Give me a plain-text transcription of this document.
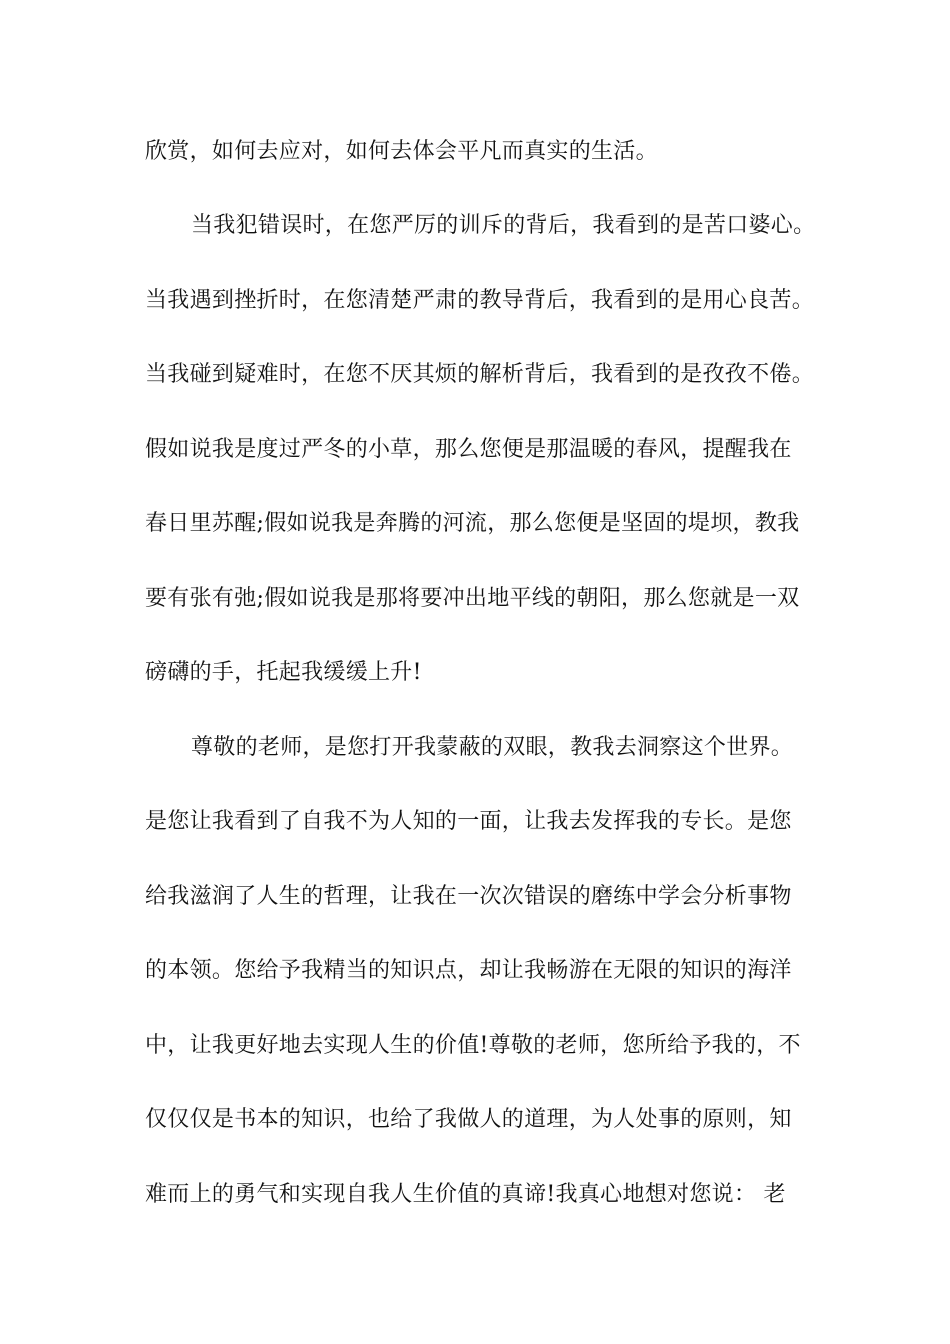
欣赏，如何去应对，如何去体会平凡而真实的生活。
当我犯错误时，在您严厉的训斥的背后，我看到的是苦口婆心。
当我遇到挫折时，在您清楚严肃的教导背后，我看到的是用心良苦。
当我碰到疑难时，在您不厌其烦的解析背后，我看到的是孜孜不倦。
假如说我是度过严冬的小草，那么您便是那温暖的春风，提醒我在
春日里苏醒;假如说我是奔腾的河流，那么您便是坚固的堤坝，教我
要有张有弛;假如说我是那将要冲出地平线的朝阳，那么您就是一双
磅礴的手，托起我缓缓上升!
尊敬的老师，是您打开我蒙蔽的双眼，教我去洞察这个世界。
是您让我看到了自我不为人知的一面，让我去发挥我的专长。是您
给我滋润了人生的哲理，让我在一次次错误的磨练中学会分析事物
的本领。您给予我精当的知识点，却让我畅游在无限的知识的海洋
中，让我更好地去实现人生的价值!尊敬的老师，您所给予我的，不
仅仅仅是书本的知识，也给了我做人的道理，为人处事的原则，知
难而上的勇气和实现自我人生价值的真谛!我真心地想对您说： 老
